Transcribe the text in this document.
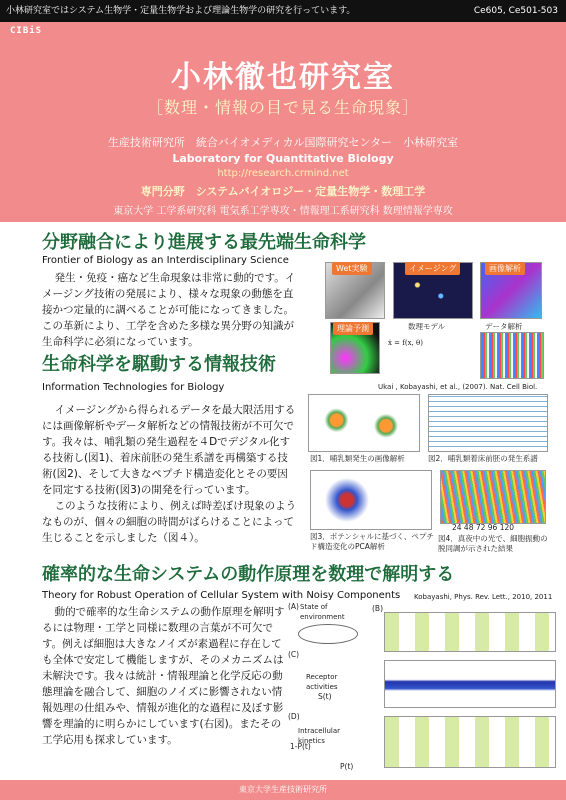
小林研究室ではシステム生物学・定量生物学および理論生物学の研究を行っています。	Ce605, Ce501-503
CIBiS
小林徹也研究室
［数理・情報の目で見る生命現象］
生産技術研究所　統合バイオメディカル国際研究センター　小林研究室
Laboratory for Quantitative Biology
http://research.crmind.net
専門分野　システムバイオロジー・定量生物学・数理工学
東京大学 工学系研究科 電気系工学専攻・情報理工系研究科 数理情報学専攻
分野融合により進展する最先端生命科学
Frontier of Biology as an Interdisciplinary Science

発生・免疫・癌など生命現象は非常に動的です。イメージング技術の発展により、様々な現象の動態を直接かつ定量的に調べることが可能になってきました。この革新により、工学を含めた多様な異分野の知識が生命科学に必須になっています。

Wet実験	イメージング	画像解析
理論予測	数理モデル
ẋ = f(x, θ)
データ解析
Ukai , Kobayashi, et al., (2007). Nat. Cell Biol.
生命科学を駆動する情報技術
Information Technologies for Biology

イメージングから得られるデータを最大限活用するには画像解析やデータ解析などの情報技術が不可欠です。我々は、哺乳類の発生過程を４Dでデジタル化する技術し(図1)、着床前胚の発生系譜を再構築する技術(図2)、そして大きなペプチド構造変化とその要因を同定する技術(図3)の開発を行っています。

このような技術により、例えば時差ぼけ現象のようなものが、個々の細胞の時間がばらけることによって生じることを示しました（図４）。

図1．哺乳類発生の画像解析	図2．哺乳類着床前胚の発生系譜
図3．ポテンシャルに基づく、ペプチド構造変化のPCA解析
24 48 72 96 120
図4．真夜中の光で、細胞振動の脱同調が示された結果
確率的な生命システムの動作原理を数理で解明する
Theory for Robust Operation of Cellular System with Noisy Components

動的で確率的な生命システムの動作原理を解明するには物理・工学と同様に数理の言葉が不可欠です。例えば細胞は大きなノイズが素過程に存在しても全体で安定して機能しますが、そのメカニズムは未解決です。我々は統計・情報理論と化学反応の動態理論を融合して、細胞のノイズに影響されない情報処理の仕組みや、情報が進化的な過程に及ぼす影響を理論的に明らかにしています(右図)。またその工学応用も探求しています。

Kobayashi, Phys. Rev. Lett., 2010, 2011
(A) State of environment
(C)
Receptor activities
S(t)
(D)
Intracellular kinetics
1-P(t)
P(t)
(B)
東京大学生産技術研究所
